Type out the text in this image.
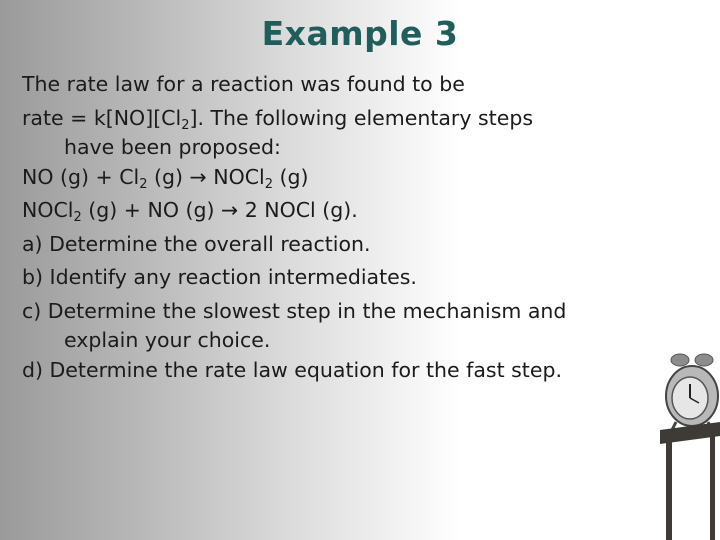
Example 3
The rate law for a reaction was found to be
rate = $k[NO][Cl_2]$. The following elementary steps
have been proposed:
NO $(g) + Cl_2$ (g) → NOCl$_2$ (g)
NOCl$_2$ (g) + NO (g) → 2 NOCl (g).
a) Determine the overall reaction.
b) Identify any reaction intermediates.
c) Determine the slowest step in the mechanism and
explain your choice.
d) Determine the rate law equation for the fast step.
